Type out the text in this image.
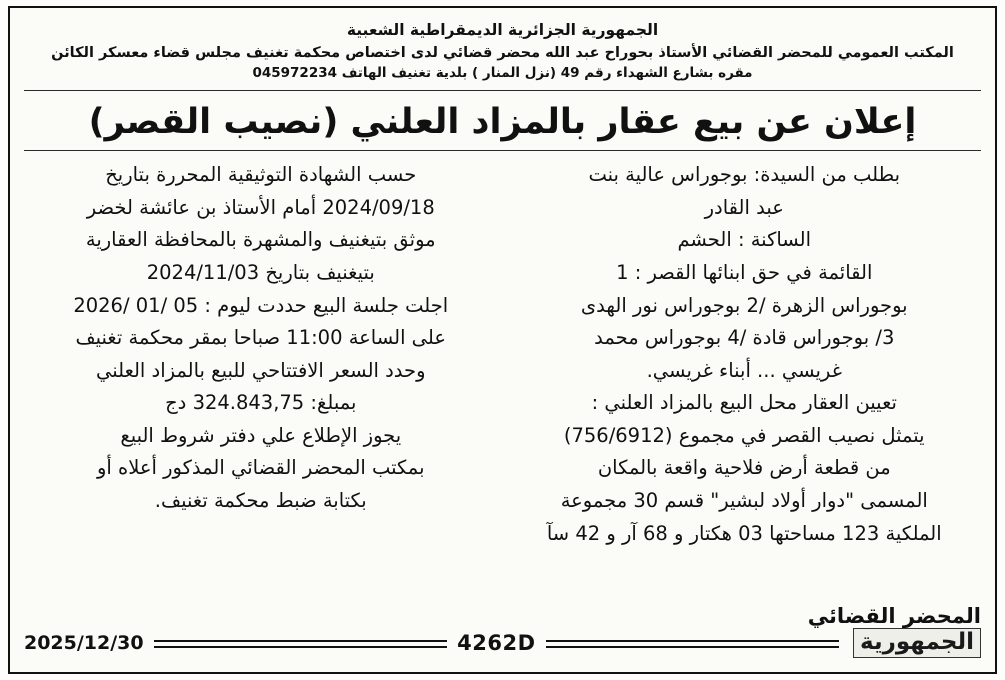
الجمهورية الجزائرية الديمقراطية الشعبية
المكتب العمومي للمحضر القضائي الأستاذ بحوراح عبد الله محضر قضائي لدى اختصاص محكمة تغنيف مجلس قضاء معسكر الكائن
مقره بشارع الشهداء رقم 49 (نزل المنار ) بلدية تغنيف الهاتف 045972234
إعلان عن بيع عقار بالمزاد العلني (نصيب القصر)

بطلب من السيدة: بوجوراس عالية بنت

عبد القادر

الساكنة : الحشم

القائمة في حق ابنائها القصر : 1

بوجوراس الزهرة /2 بوجوراس نور الهدى

3/ بوجوراس قادة /4 بوجوراس محمد

غريسي ... أبناء غريسي.

تعيين العقار محل البيع بالمزاد العلني :

يتمثل نصيب القصر في مجموع (756/6912)

من قطعة أرض فلاحية واقعة بالمكان

المسمى "دوار أولاد لبشير" قسم 30 مجموعة

الملكية 123 مساحتها 03 هكتار و 68 آر و 42 سآ

حسب الشهادة التوثيقية المحررة بتاريخ

2024/09/18 أمام الأستاذ بن عائشة لخضر

موثق بتيغنيف والمشهرة بالمحافظة العقارية

بتيغنيف بتاريخ 2024/11/03

اجلت جلسة البيع حددت ليوم : 05 /01 /2026

على الساعة 11:00 صباحا بمقر محكمة تغنيف

وحدد السعر الافتتاحي للبيع بالمزاد العلني

بمبلغ: 324.843,75 دج

يجوز الإطلاع علي دفتر شروط البيع

بمكتب المحضر القضائي المذكور أعلاه أو

بكتابة ضبط محكمة تغنيف.

المحضر القضائي
الجمهورية
4262D
2025/12/30
